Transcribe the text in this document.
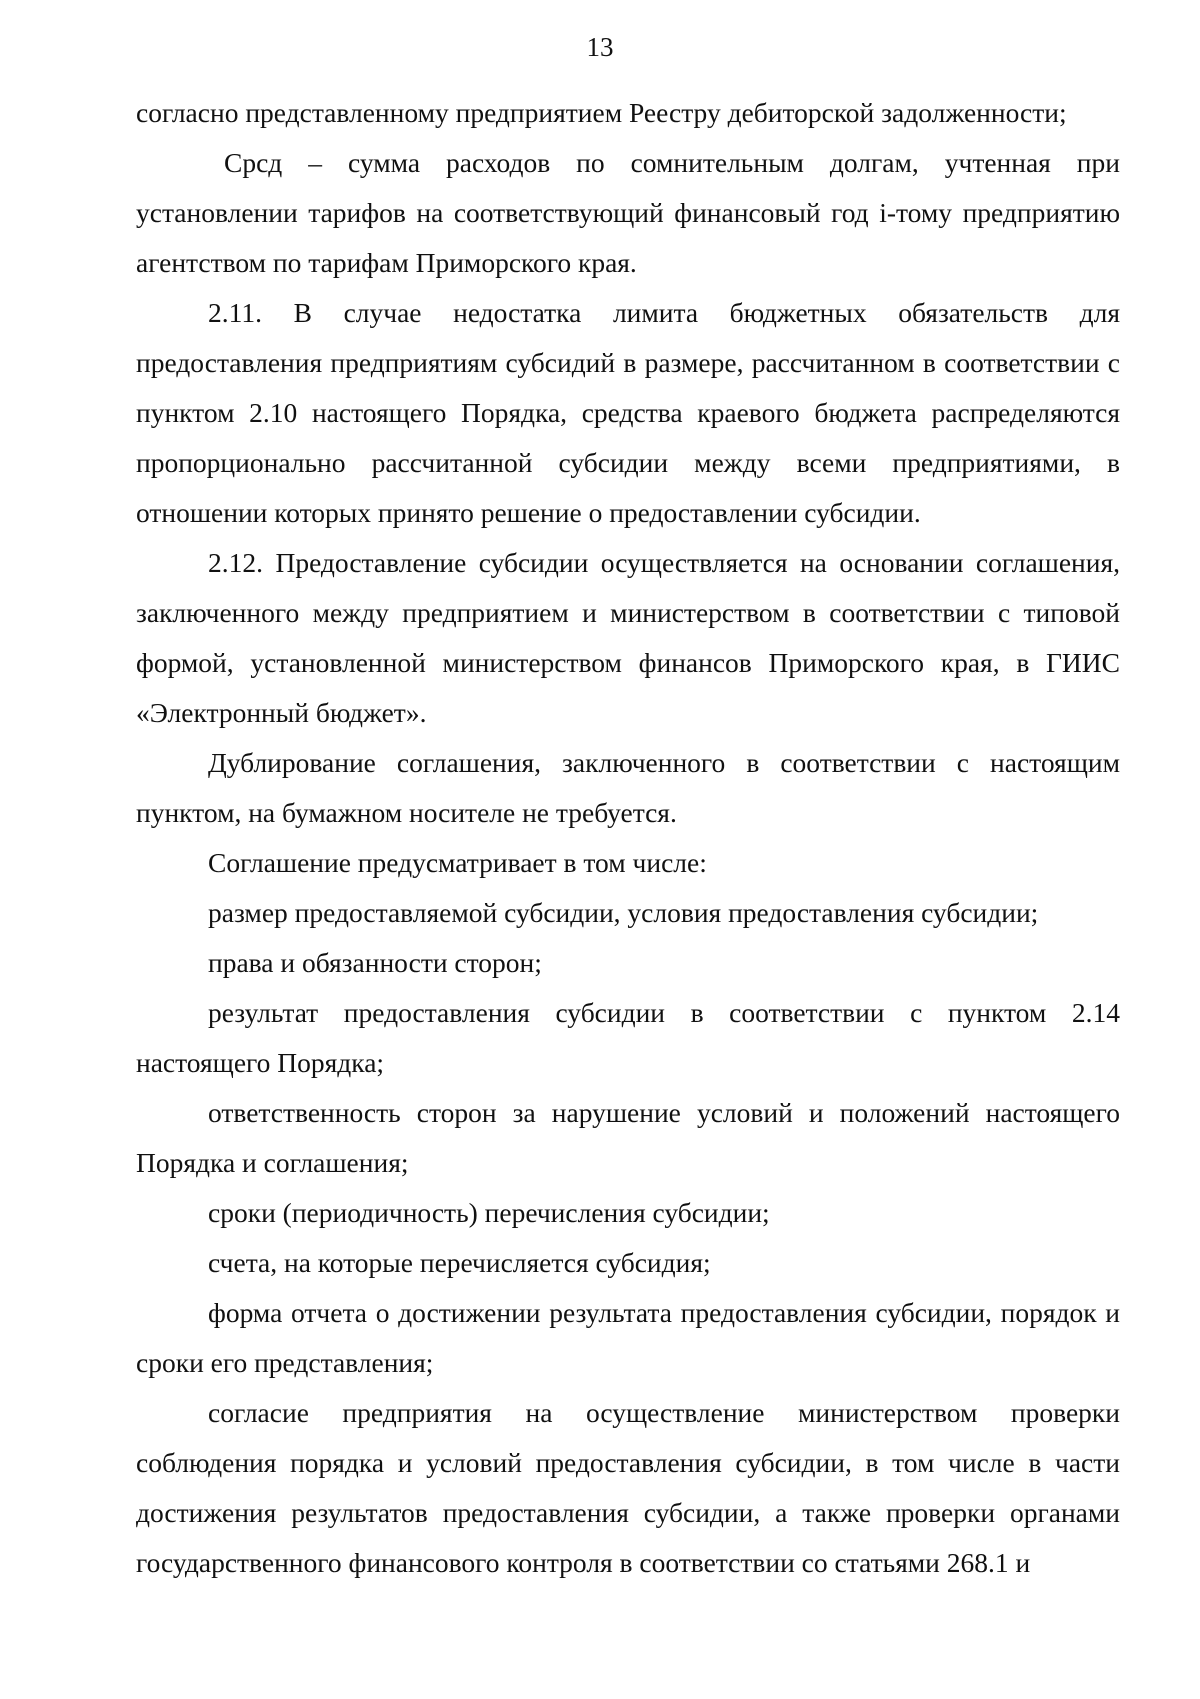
13

согласно представленному предприятием Реестру дебиторской задолженности;

Срсд – сумма расходов по сомнительным долгам, учтенная при установлении тарифов на соответствующий финансовый год i-тому предприятию агентством по тарифам Приморского края.

2.11. В случае недостатка лимита бюджетных обязательств для предоставления предприятиям субсидий в размере, рассчитанном в соответствии с пунктом 2.10 настоящего Порядка, средства краевого бюджета распределяются пропорционально рассчитанной субсидии между всеми предприятиями, в отношении которых принято решение о предоставлении субсидии.

2.12. Предоставление субсидии осуществляется на основании соглашения, заключенного между предприятием и министерством в соответствии с типовой формой, установленной министерством финансов Приморского края, в ГИИС «Электронный бюджет».

Дублирование соглашения, заключенного в соответствии с настоящим пунктом, на бумажном носителе не требуется.

Соглашение предусматривает в том числе:

размер предоставляемой субсидии, условия предоставления субсидии;

права и обязанности сторон;

результат предоставления субсидии в соответствии с пунктом 2.14 настоящего Порядка;

ответственность сторон за нарушение условий и положений настоящего Порядка и соглашения;

сроки (периодичность) перечисления субсидии;

счета, на которые перечисляется субсидия;

форма отчета о достижении результата предоставления субсидии, порядок и сроки его представления;

согласие предприятия на осуществление министерством проверки соблюдения порядка и условий предоставления субсидии, в том числе в части достижения результатов предоставления субсидии, а также проверки органами государственного финансового контроля в соответствии со статьями 268.1 и
